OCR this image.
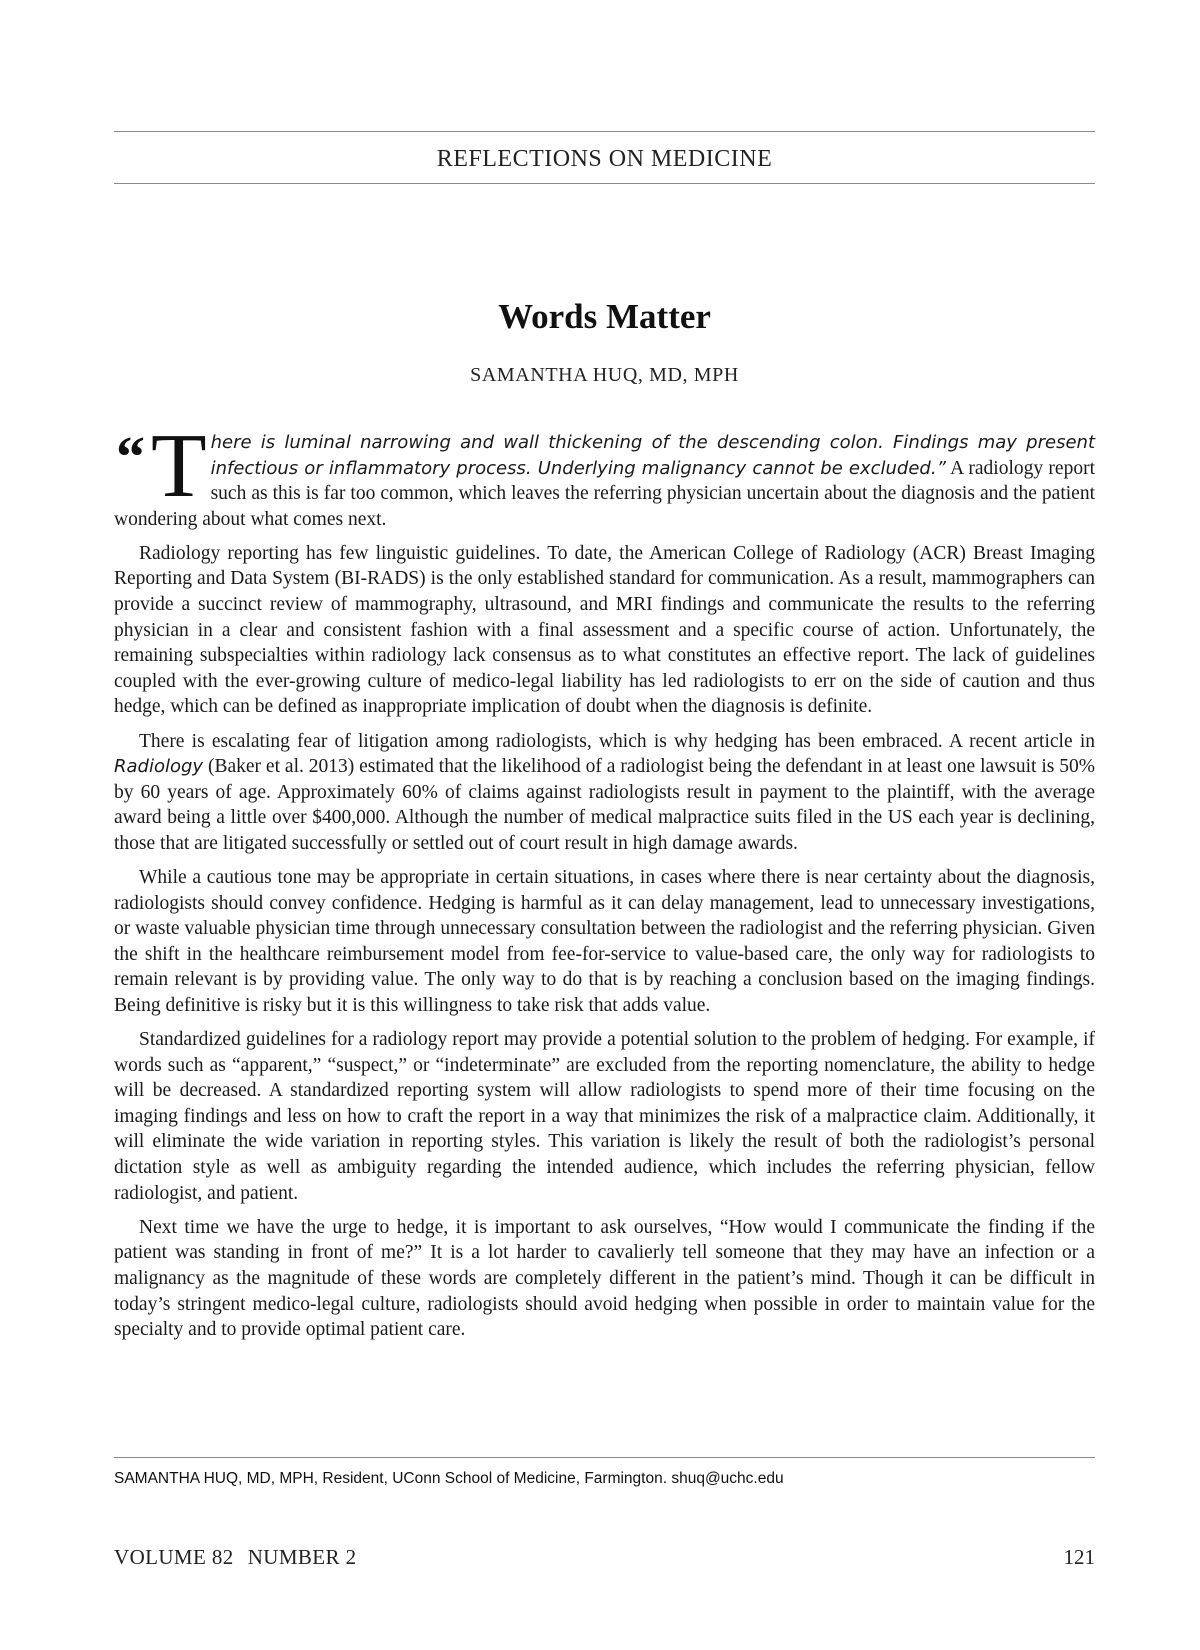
REFLECTIONS ON MEDICINE
Words Matter
SAMANTHA HUQ, MD, MPH

“ T here is luminal narrowing and wall thickening of the descending colon. Findings may present infectious or inflammatory process. Underlying malignancy cannot be excluded.” A radiology report such as this is far too common, which leaves the referring physician uncertain about the diagnosis and the patient wondering about what comes next.

Radiology reporting has few linguistic guidelines. To date, the American College of Radiology (ACR) Breast Imaging Reporting and Data System (BI-RADS) is the only established standard for communication. As a result, mammographers can provide a succinct review of mammography, ultrasound, and MRI findings and communicate the results to the referring physician in a clear and consistent fashion with a final assessment and a specific course of action. Unfortunately, the remaining subspecialties within radiology lack consensus as to what constitutes an effective report. The lack of guidelines coupled with the ever-growing culture of medico-legal liability has led radiologists to err on the side of caution and thus hedge, which can be defined as inappropriate implication of doubt when the diagnosis is definite.

There is escalating fear of litigation among radiologists, which is why hedging has been embraced. A recent article in Radiology (Baker et al. 2013) estimated that the likelihood of a radiologist being the defendant in at least one lawsuit is 50% by 60 years of age. Approximately 60% of claims against radiologists result in payment to the plaintiff, with the average award being a little over $400,000. Although the number of medical malpractice suits filed in the US each year is declining, those that are litigated successfully or settled out of court result in high damage awards.

While a cautious tone may be appropriate in certain situations, in cases where there is near certainty about the diagnosis, radiologists should convey confidence. Hedging is harmful as it can delay management, lead to unnecessary investigations, or waste valuable physician time through unnecessary consultation between the radiologist and the referring physician. Given the shift in the healthcare reimbursement model from fee-for-service to value-based care, the only way for radiologists to remain relevant is by providing value. The only way to do that is by reaching a conclusion based on the imaging findings. Being definitive is risky but it is this willingness to take risk that adds value.

Standardized guidelines for a radiology report may provide a potential solution to the problem of hedging. For example, if words such as “apparent,” “suspect,” or “indeterminate” are excluded from the reporting nomenclature, the ability to hedge will be decreased. A standardized reporting system will allow radiologists to spend more of their time focusing on the imaging findings and less on how to craft the report in a way that minimizes the risk of a malpractice claim. Additionally, it will eliminate the wide variation in reporting styles. This variation is likely the result of both the radiologist’s personal dictation style as well as ambiguity regarding the intended audience, which includes the referring physician, fellow radiologist, and patient.

Next time we have the urge to hedge, it is important to ask ourselves, “How would I communicate the finding if the patient was standing in front of me?” It is a lot harder to cavalierly tell someone that they may have an infection or a malignancy as the magnitude of these words are completely different in the patient’s mind. Though it can be difficult in today’s stringent medico-legal culture, radiologists should avoid hedging when possible in order to maintain value for the specialty and to provide optimal patient care.

SAMANTHA HUQ, MD, MPH, Resident, UConn School of Medicine, Farmington. shuq@uchc.edu
VOLUME 82 NUMBER 2	121
